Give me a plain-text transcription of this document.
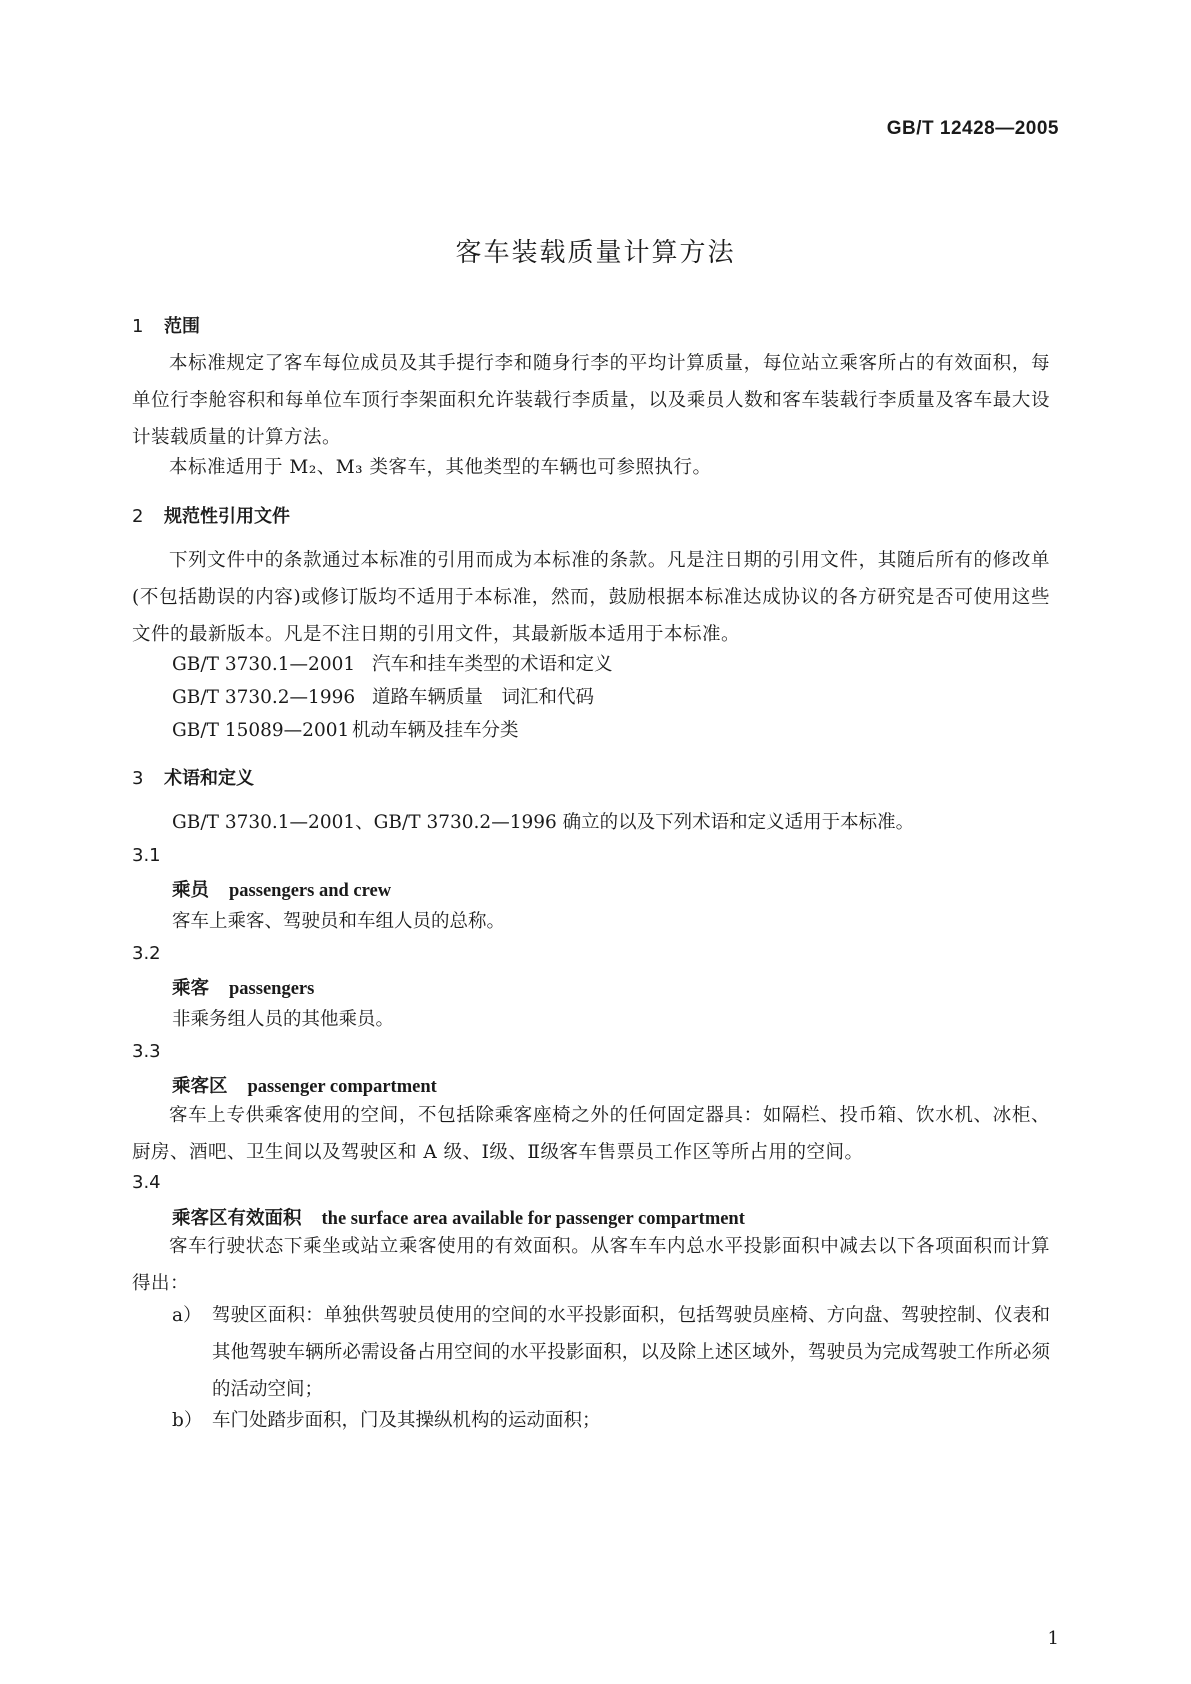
GB/T 12428—2005
客车装载质量计算方法
1 范围
本标准规定了客车每位成员及其手提行李和随身行李的平均计算质量，每位站立乘客所占的有效面积，每单位行李舱容积和每单位车顶行李架面积允许装载行李质量，以及乘员人数和客车装载行李质量及客车最大设计装载质量的计算方法。
本标准适用于 M₂、M₃ 类客车，其他类型的车辆也可参照执行。
2 规范性引用文件
下列文件中的条款通过本标准的引用而成为本标准的条款。凡是注日期的引用文件，其随后所有的修改单(不包括勘误的内容)或修订版均不适用于本标准，然而，鼓励根据本标准达成协议的各方研究是否可使用这些文件的最新版本。凡是不注日期的引用文件，其最新版本适用于本标准。
GB/T 3730.1—2001 汽车和挂车类型的术语和定义
GB/T 3730.2—1996 道路车辆质量　词汇和代码
GB/T 15089—2001 机动车辆及挂车分类
3 术语和定义
GB/T 3730.1—2001、GB/T 3730.2—1996 确立的以及下列术语和定义适用于本标准。
3.1
乘员 passengers and crew
客车上乘客、驾驶员和车组人员的总称。
3.2
乘客 passengers
非乘务组人员的其他乘员。
3.3
乘客区 passenger compartment
客车上专供乘客使用的空间，不包括除乘客座椅之外的任何固定器具：如隔栏、投币箱、饮水机、冰柜、厨房、酒吧、卫生间以及驾驶区和 A 级、Ⅰ级、Ⅱ级客车售票员工作区等所占用的空间。
3.4
乘客区有效面积 the surface area available for passenger compartment
客车行驶状态下乘坐或站立乘客使用的有效面积。从客车车内总水平投影面积中减去以下各项面积而计算得出：
a） 驾驶区面积：单独供驾驶员使用的空间的水平投影面积，包括驾驶员座椅、方向盘、驾驶控制、仪表和其他驾驶车辆所必需设备占用空间的水平投影面积，以及除上述区域外，驾驶员为完成驾驶工作所必须的活动空间；
b） 车门处踏步面积，门及其操纵机构的运动面积；
1
